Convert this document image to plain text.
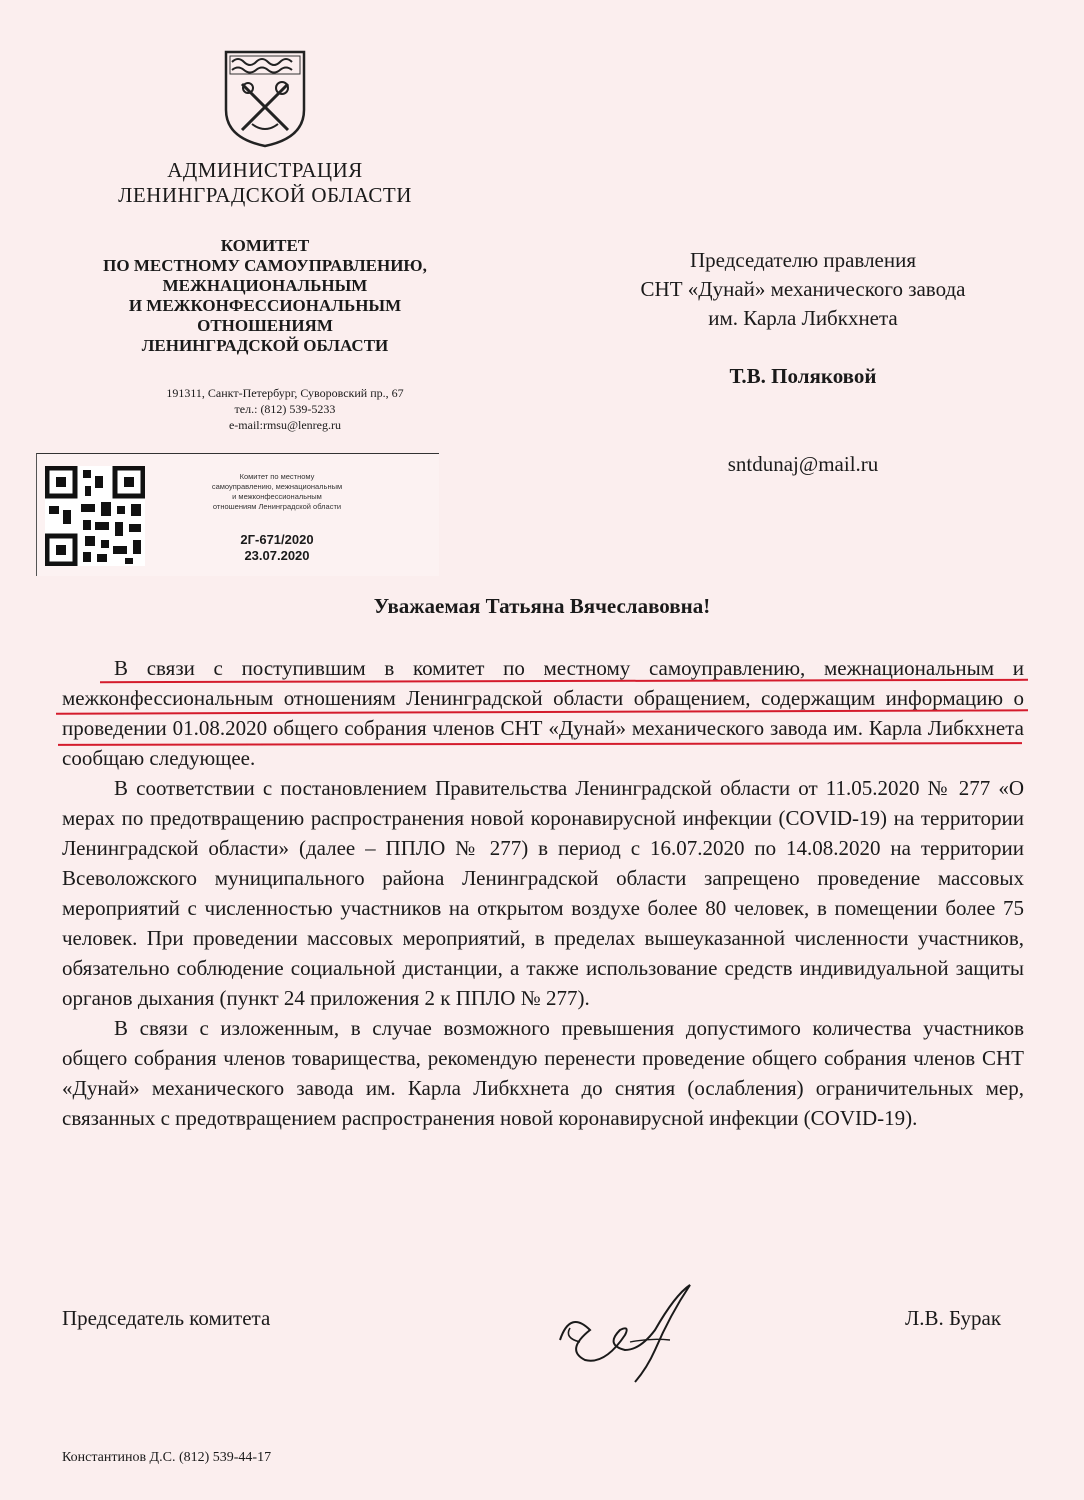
АДМИНИСТРАЦИЯ
ЛЕНИНГРАДСКОЙ ОБЛАСТИ
КОМИТЕТ
ПО МЕСТНОМУ САМОУПРАВЛЕНИЮ,
МЕЖНАЦИОНАЛЬНЫМ
И МЕЖКОНФЕССИОНАЛЬНЫМ
ОТНОШЕНИЯМ
ЛЕНИНГРАДСКОЙ ОБЛАСТИ
191311, Санкт-Петербург, Суворовский пр., 67
тел.: (812) 539-5233
e-mail:rmsu@lenreg.ru
Комитет по местному
самоуправлению, межнациональным
и межконфессиональным
отношениям Ленинградской области
2Г-671/2020
23.07.2020
Председателю правления
СНТ «Дунай» механического завода
им. Карла Либкхнета
Т.В. Поляковой
sntdunaj@mail.ru
Уважаемая Татьяна Вячеславовна!

В связи с поступившим в комитет по местному самоуправлению, межнациональным и межконфессиональным отношениям Ленинградской области обращением, содержащим информацию о проведении 01.08.2020 общего собрания членов СНТ «Дунай» механического завода им. Карла Либкхнета сообщаю следующее.

В соответствии с постановлением Правительства Ленинградской области от 11.05.2020 № 277 «О мерах по предотвращению распространения новой коронавирусной инфекции (COVID-19) на территории Ленинградской области» (далее – ППЛО № 277) в период с 16.07.2020 по 14.08.2020 на территории Всеволожского муниципального района Ленинградской области запрещено проведение массовых мероприятий с численностью участников на открытом воздухе более 80 человек, в помещении более 75 человек. При проведении массовых мероприятий, в пределах вышеуказанной численности участников, обязательно соблюдение социальной дистанции, а также использование средств индивидуальной защиты органов дыхания (пункт 24 приложения 2 к ППЛО № 277).

В связи с изложенным, в случае возможного превышения допустимого количества участников общего собрания членов товарищества, рекомендую перенести проведение общего собрания членов СНТ «Дунай» механического завода им. Карла Либкхнета до снятия (ослабления) ограничительных мер, связанных с предотвращением распространения новой коронавирусной инфекции (COVID-19).

Председатель комитета	Л.В. Бурак
Константинов Д.С. (812) 539-44-17
